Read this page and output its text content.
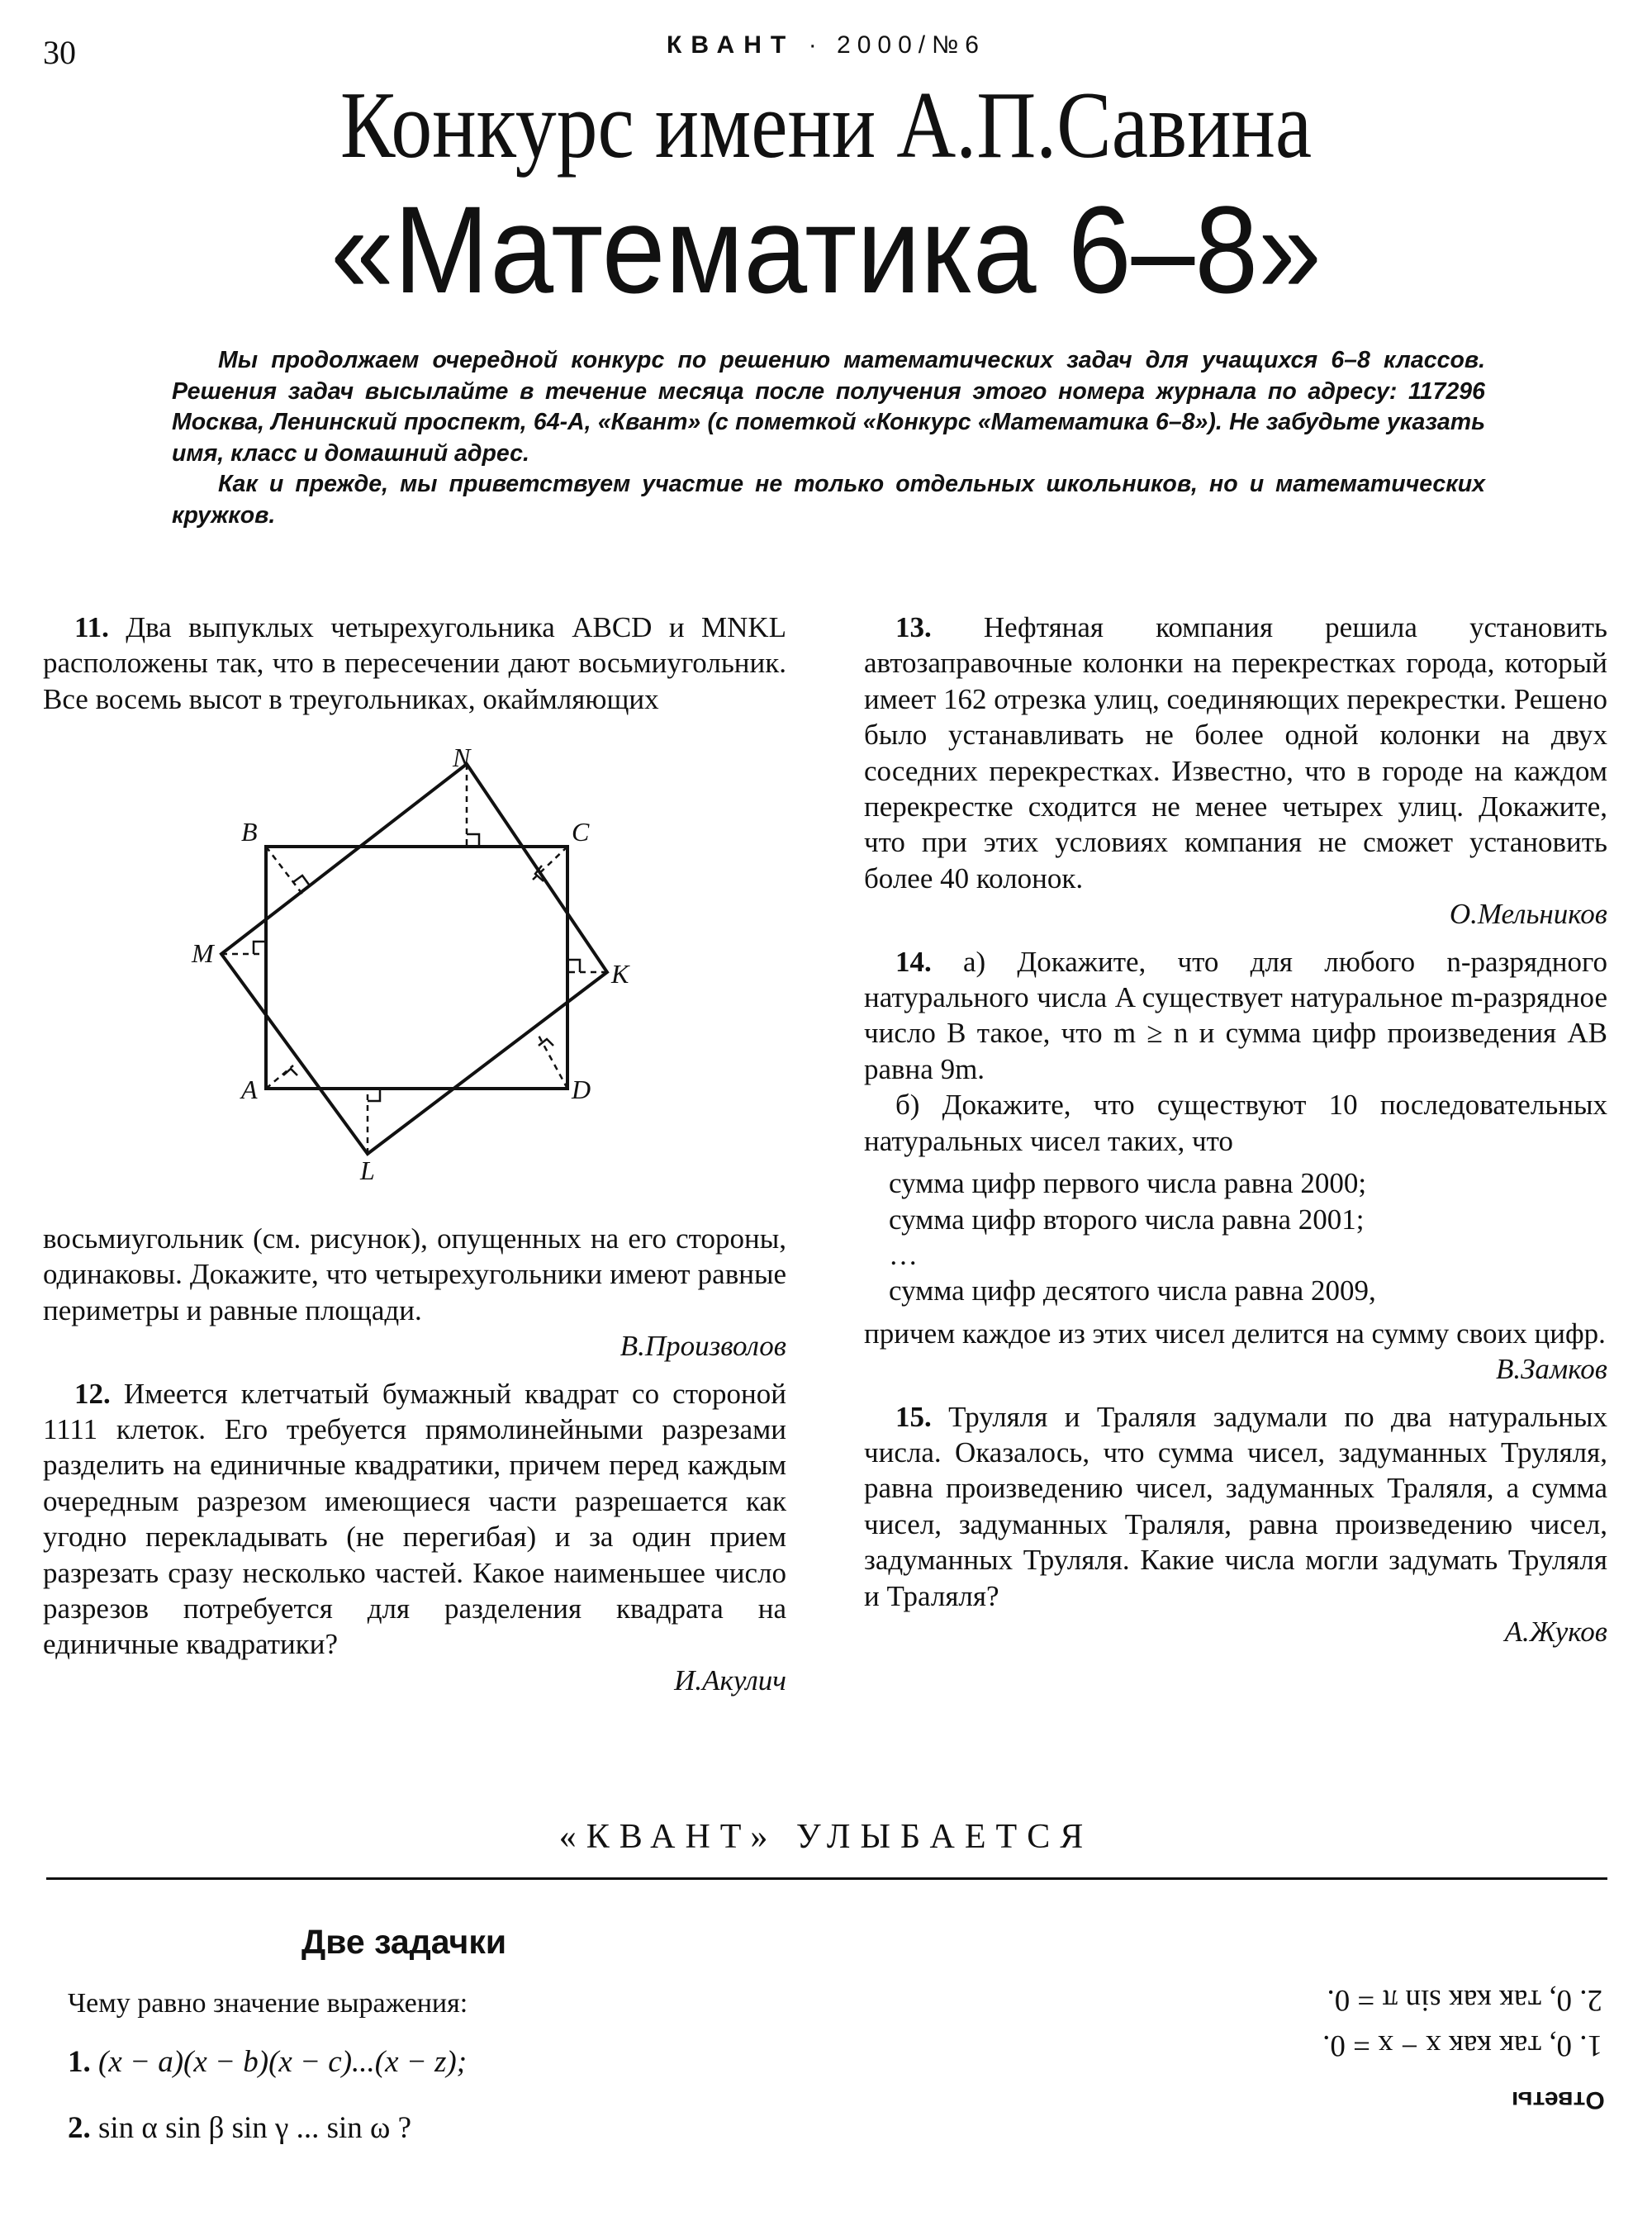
30	КВАНТ · 2000/№6
Конкурс имени А.П.Савина
«Математика 6–8»

Мы продолжаем очередной конкурс по решению математических задач для учащихся 6–8 классов. Решения задач высылайте в течение месяца после получения этого номера журнала по адресу: 117296 Москва, Ленинский проспект, 64-А, «Квант» (с пометкой «Конкурс «Математика 6–8»). Не забудьте указать имя, класс и домашний адрес.

Как и прежде, мы приветствуем участие не только отдельных школьников, но и математических кружков.

11. Два выпуклых четырехугольника ABCD и MNKL расположены так, что в пересечении дают восьмиугольник. Все восемь высот в треугольниках, окаймляющих

B	C
A	D
M
N
K
L

восьмиугольник (см. рисунок), опущенных на его стороны, одинаковы. Докажите, что четырехугольники имеют равные периметры и равные площади.

В.Произволов

12. Имеется клетчатый бумажный квадрат со стороной 1111 клеток. Его требуется прямолинейными разрезами разделить на единичные квадратики, причем перед каждым очередным разрезом имеющиеся части разрешается как угодно перекладывать (не перегибая) и за один прием разрезать сразу несколько частей. Какое наименьшее число разрезов потребуется для разделения квадрата на единичные квадратики?

И.Акулич

13. Нефтяная компания решила установить автозаправочные колонки на перекрестках города, который имеет 162 отрезка улиц, соединяющих перекрестки. Решено было устанавливать не более одной колонки на двух соседних перекрестках. Известно, что в городе на каждом перекрестке сходится не менее четырех улиц. Докажите, что при этих условиях компания не сможет установить более 40 колонок.

О.Мельников

14. а) Докажите, что для любого n-разрядного натурального числа A существует натуральное m-разрядное число B такое, что m ≥ n и сумма цифр произведения AB равна 9m.

б) Докажите, что существуют 10 последовательных натуральных чисел таких, что

сумма цифр первого числа равна 2000;
сумма цифр второго числа равна 2001;
…
сумма цифр десятого числа равна 2009,

причем каждое из этих чисел делится на сумму своих цифр.

В.Замков

15. Труляля и Траляля задумали по два натуральных числа. Оказалось, что сумма чисел, задуманных Труляля, равна произведению чисел, задуманных Траляля, а сумма чисел, задуманных Траляля, равна произведению чисел, задуманных Труляля. Какие числа могли задумать Труляля и Траляля?

А.Жуков

«КВАНТ» УЛЫБАЕТСЯ
Две задачки
Чему равно значение выражения:
1. (x − a)(x − b)(x − c)...(x − z);
2. sin α sin β sin γ ... sin ω ?
Ответы
1. 0, так как x − x = 0.
2. 0, так как sin π = 0.
